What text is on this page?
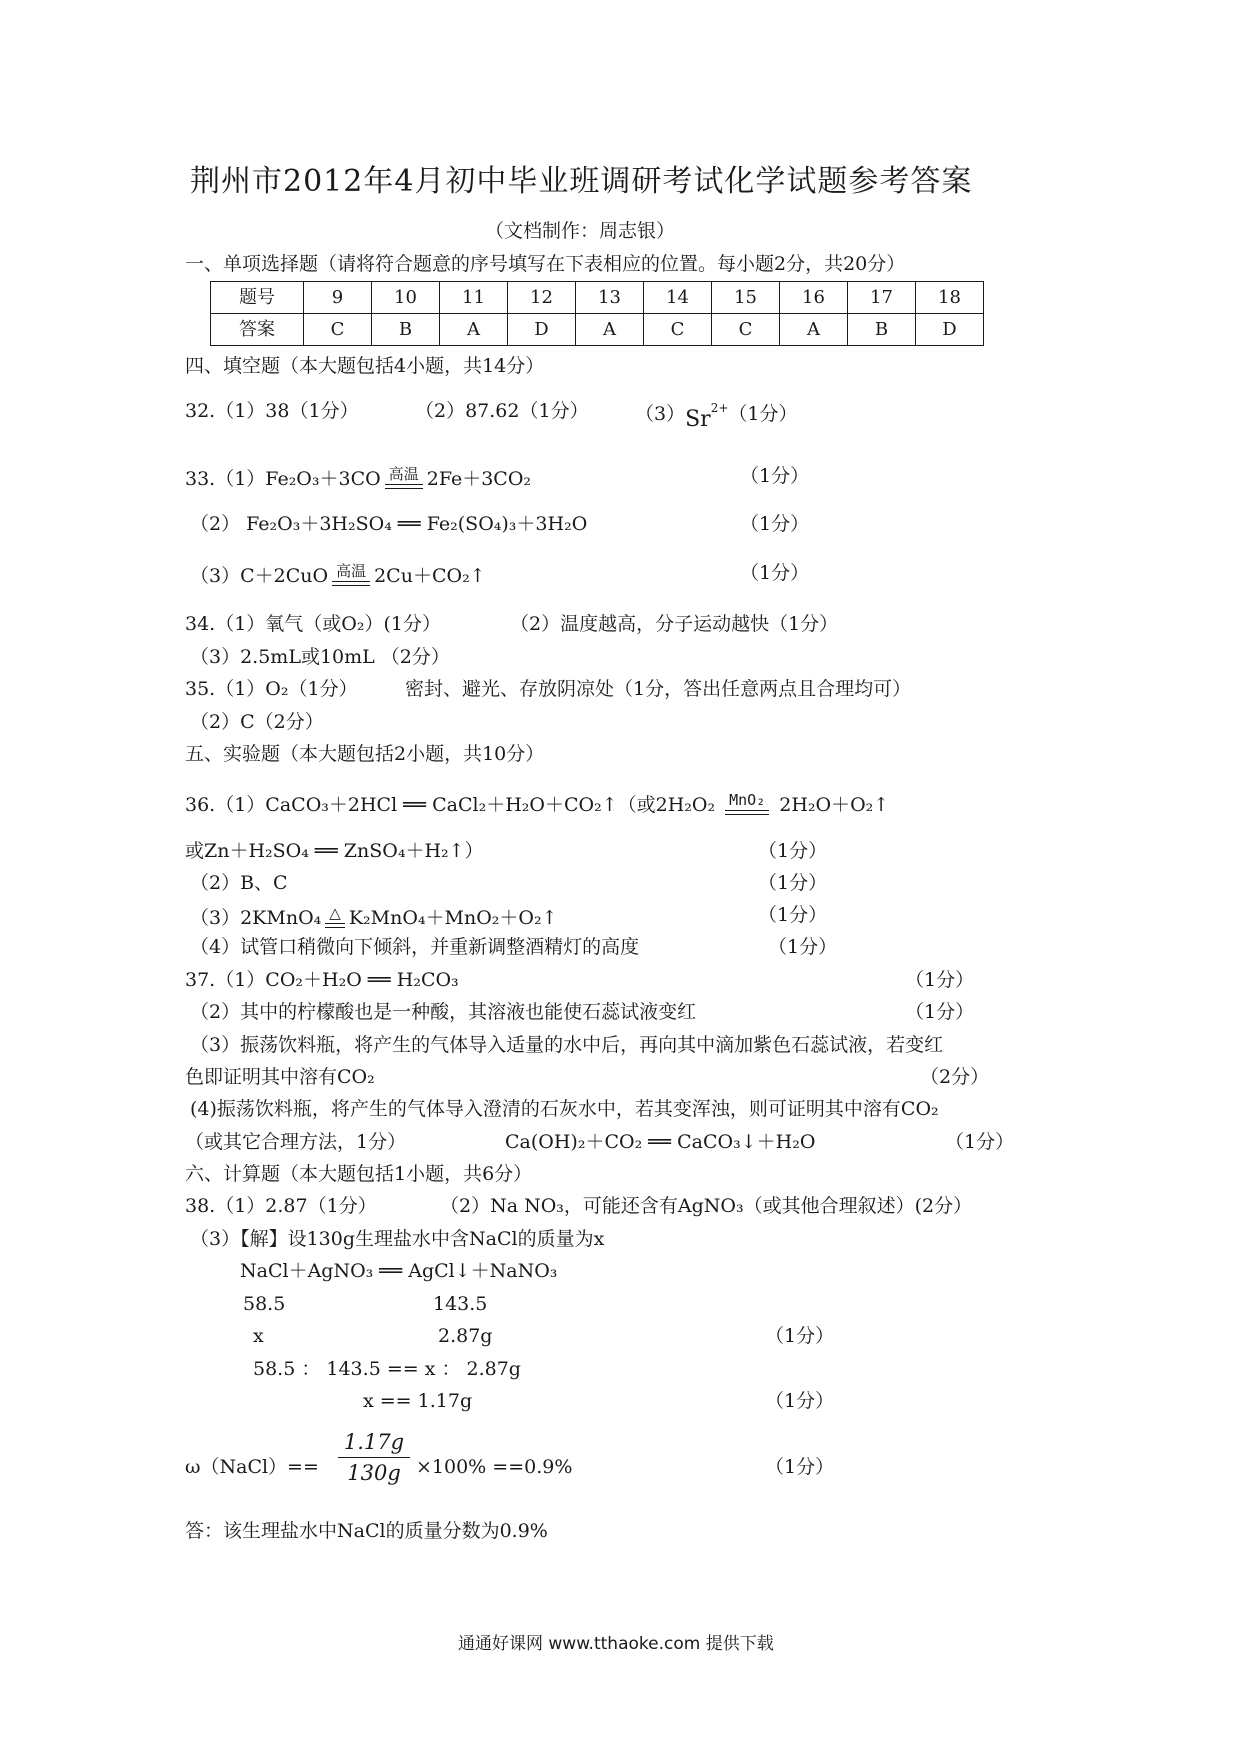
荆州市2012年4月初中毕业班调研考试化学试题参考答案
（文档制作：周志银）
一、单项选择题（请将符合题意的序号填写在下表相应的位置。每小题2分，共20分）
题号	9	10	11	12	13	14	15	16	17	18
答案	C	B	A	D	A	C	C	A	B	D
四、填空题（本大题包括4小题，共14分）
32.（1）38（1分）	（2）87.62（1分） $(3)Sr^{2+}(1$分）
33.（1）Fe₂O₃＋3CO 高温 2Fe＋3CO₂	（1分）
（2） Fe₂O₃＋3H₂SO₄ ══ Fe₂(SO₄)₃＋3H₂O	（1分）
（3）C＋2CuO 高温 2Cu＋CO₂↑	（1分）
34.（1）氧气（或O₂）(1分）	（2）温度越高，分子运动越快（1分）
（3）2.5mL或10mL （2分）
35.（1）O₂（1分） 密封、避光、存放阴凉处（1分，答出任意两点且合理均可）
（2）C（2分）
五、实验题（本大题包括2小题，共10分）
36.（1）CaCO₃＋2HCl ══ CaCl₂＋H₂O＋CO₂↑（或2H₂O₂ MnO₂ 2H₂O＋O₂↑
或Zn＋H₂SO₄ ══ ZnSO₄＋H₂↑）	（1分）
（2）B、C	（1分）
（3）2KMnO₄ △ K₂MnO₄＋MnO₂＋O₂↑	（1分）
（4）试管口稍微向下倾斜，并重新调整酒精灯的高度	（1分）
37.（1）CO₂＋H₂O ══ H₂CO₃	（1分）
（2）其中的柠檬酸也是一种酸，其溶液也能使石蕊试液变红	（1分）
（3）振荡饮料瓶，将产生的气体导入适量的水中后，再向其中滴加紫色石蕊试液，若变红
色即证明其中溶有CO₂	（2分）
(4)振荡饮料瓶，将产生的气体导入澄清的石灰水中，若其变浑浊，则可证明其中溶有CO₂
（或其它合理方法，1分）	Ca(OH)₂＋CO₂ ══ CaCO₃↓＋H₂O	（1分）
六、计算题（本大题包括1小题，共6分）
38.（1）2.87（1分）	（2）Na NO₃，可能还含有AgNO₃（或其他合理叙述）(2分）
（3）【解】设130g生理盐水中含NaCl的质量为x
NaCl＋AgNO₃ ══ AgCl↓＋NaNO₃
58.5	143.5
x	2.87g	（1分）
58.5 ： 143.5 == x ： 2.87g
x == 1.17g	（1分）
ω（NaCl）== $\frac{1.17g}{130g} \times 100\% ==0.9\%$	（1分）
答：该生理盐水中NaCl的质量分数为0.9%
通通好课网 www.tthaoke.com 提供下载
